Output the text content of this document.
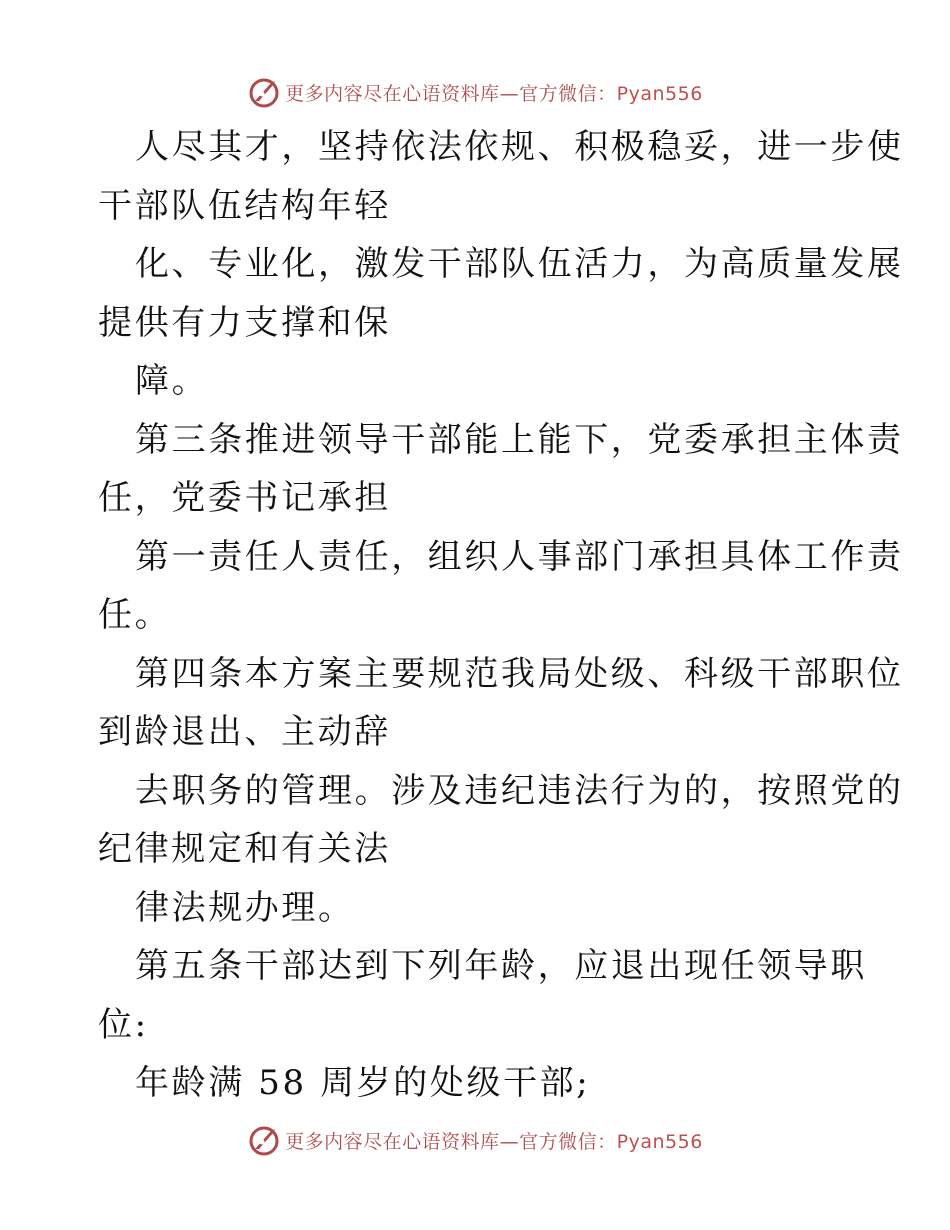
更多内容尽在心语资料库—官方微信：Pyan556
人尽其才，坚持依法依规、积极稳妥，进一步使
干部队伍结构年轻
化、专业化，激发干部队伍活力，为高质量发展
提供有力支撑和保
障。
第三条推进领导干部能上能下，党委承担主体责
任，党委书记承担
第一责任人责任，组织人事部门承担具体工作责
任。
第四条本方案主要规范我局处级、科级干部职位
到龄退出、主动辞
去职务的管理。涉及违纪违法行为的，按照党的
纪律规定和有关法
律法规办理。
第五条干部达到下列年龄，应退出现任领导职
位:
年龄满 58 周岁的处级干部;
更多内容尽在心语资料库—官方微信：Pyan556
